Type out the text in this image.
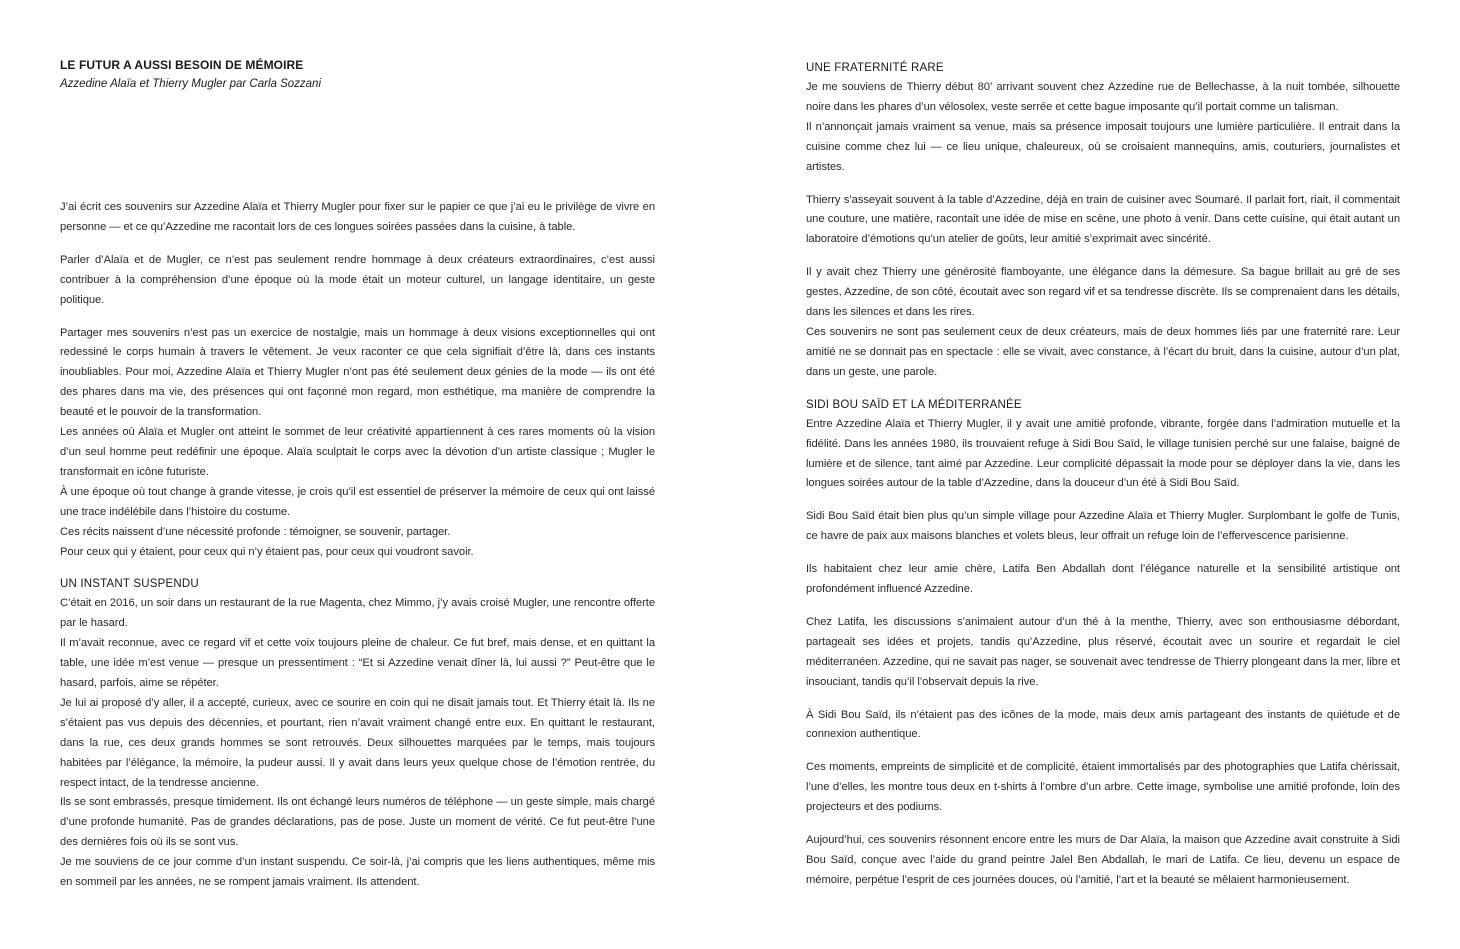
LE FUTUR A AUSSI BESOIN DE MÉMOIRE
Azzedine Alaïa et Thierry Mugler par Carla Sozzani

J’ai écrit ces souvenirs sur Azzedine Alaïa et Thierry Mugler pour fixer sur le papier ce que j’ai eu le privilège de vivre en personne — et ce qu’Azzedine me racontait lors de ces longues soirées passées dans la cuisine, à table.

Parler d’Alaïa et de Mugler, ce n’est pas seulement rendre hommage à deux créateurs extraordinaires, c’est aussi contribuer à la compréhension d’une époque où la mode était un moteur culturel, un langage identitaire, un geste politique.

Partager mes souvenirs n’est pas un exercice de nostalgie, mais un hommage à deux visions exceptionnelles qui ont redessiné le corps humain à travers le vêtement. Je veux raconter ce que cela signifiait d’être là, dans ces instants inoubliables. Pour moi, Azzedine Alaïa et Thierry Mugler n’ont pas été seulement deux génies de la mode — ils ont été des phares dans ma vie, des présences qui ont façonné mon regard, mon esthétique, ma manière de comprendre la beauté et le pouvoir de la transformation.

Les années où Alaïa et Mugler ont atteint le sommet de leur créativité appartiennent à ces rares moments où la vision d’un seul homme peut redéfinir une époque. Alaïa sculptait le corps avec la dévotion d’un artiste classique ; Mugler le transformait en icône futuriste.

À une époque où tout change à grande vitesse, je crois qu’il est essentiel de préserver la mémoire de ceux qui ont laissé une trace indélébile dans l’histoire du costume.

Ces récits naissent d’une nécessité profonde : témoigner, se souvenir, partager.

Pour ceux qui y étaient, pour ceux qui n’y étaient pas, pour ceux qui voudront savoir.

UN INSTANT SUSPENDU

C’était en 2016, un soir dans un restaurant de la rue Magenta, chez Mimmo, j’y avais croisé Mugler, une rencontre offerte par le hasard.

Il m’avait reconnue, avec ce regard vif et cette voix toujours pleine de chaleur. Ce fut bref, mais dense, et en quittant la table, une idée m’est venue — presque un pressentiment : “Et si Azzedine venait dîner là, lui aussi ?” Peut-être que le hasard, parfois, aime se répéter.

Je lui ai proposé d’y aller, il a accepté, curieux, avec ce sourire en coin qui ne disait jamais tout. Et Thierry était là. Ils ne s’étaient pas vus depuis des décennies, et pourtant, rien n’avait vraiment changé entre eux. En quittant le restaurant, dans la rue, ces deux grands hommes se sont retrouvés. Deux silhouettes marquées par le temps, mais toujours habitées par l’élégance, la mémoire, la pudeur aussi. Il y avait dans leurs yeux quelque chose de l’émotion rentrée, du respect intact, de la tendresse ancienne.

Ils se sont embrassés, presque timidement. Ils ont échangé leurs numéros de téléphone — un geste simple, mais chargé d’une profonde humanité. Pas de grandes déclarations, pas de pose. Juste un moment de vérité. Ce fut peut-être l’une des dernières fois où ils se sont vus.

Je me souviens de ce jour comme d’un instant suspendu. Ce soir-là, j’ai compris que les liens authentiques, même mis en sommeil par les années, ne se rompent jamais vraiment. Ils attendent.

UNE FRATERNITÉ RARE

Je me souviens de Thierry début 80’ arrivant souvent chez Azzedine rue de Bellechasse, à la nuit tombée, silhouette noire dans les phares d’un vélosolex, veste serrée et cette bague imposante qu’il portait comme un talisman.

Il n’annonçait jamais vraiment sa venue, mais sa présence imposait toujours une lumière particulière. Il entrait dans la cuisine comme chez lui — ce lieu unique, chaleureux, où se croisaient mannequins, amis, couturiers, journalistes et artistes.

Thierry s’asseyait souvent à la table d’Azzedine, déjà en train de cuisiner avec Soumaré. Il parlait fort, riait, il commentait une couture, une matière, racontait une idée de mise en scène, une photo à venir. Dans cette cuisine, qui était autant un laboratoire d’émotions qu’un atelier de goûts, leur amitié s’exprimait avec sincérité.

Il y avait chez Thierry une générosité flamboyante, une élégance dans la démesure. Sa bague brillait au gré de ses gestes, Azzedine, de son côté, écoutait avec son regard vif et sa tendresse discrète. Ils se comprenaient dans les détails, dans les silences et dans les rires.

Ces souvenirs ne sont pas seulement ceux de deux créateurs, mais de deux hommes liés par une fraternité rare. Leur amitié ne se donnait pas en spectacle : elle se vivait, avec constance, à l’écart du bruit, dans la cuisine, autour d’un plat, dans un geste, une parole.

SIDI BOU SAÏD ET LA MÉDITERRANÉE

Entre Azzedine Alaïa et Thierry Mugler, il y avait une amitié profonde, vibrante, forgée dans l’admiration mutuelle et la fidélité. Dans les années 1980, ils trouvaient refuge à Sidi Bou Saïd, le village tunisien perché sur une falaise, baigné de lumière et de silence, tant aimé par Azzedine. Leur complicité dépassait la mode pour se déployer dans la vie, dans les longues soirées autour de la table d’Azzedine, dans la douceur d’un été à Sidi Bou Saïd.

Sidi Bou Saïd était bien plus qu’un simple village pour Azzedine Alaïa et Thierry Mugler. Surplombant le golfe de Tunis, ce havre de paix aux maisons blanches et volets bleus, leur offrait un refuge loin de l’effervescence parisienne.

Ils habitaient chez leur amie chère, Latifa Ben Abdallah dont l’élégance naturelle et la sensibilité artistique ont profondément influencé Azzedine.

Chez Latifa, les discussions s’animaient autour d’un thé à la menthe, Thierry, avec son enthousiasme débordant, partageait ses idées et projets, tandis qu’Azzedine, plus réservé, écoutait avec un sourire et regardait le ciel méditerranéen. Azzedine, qui ne savait pas nager, se souvenait avec tendresse de Thierry plongeant dans la mer, libre et insouciant, tandis qu’il l’observait depuis la rive.

À Sidi Bou Saïd, ils n’étaient pas des icônes de la mode, mais deux amis partageant des instants de quiétude et de connexion authentique.

Ces moments, empreints de simplicité et de complicité, étaient immortalisés par des photographies que Latifa chérissait, l’une d’elles, les montre tous deux en t-shirts à l’ombre d’un arbre. Cette image, symbolise une amitié profonde, loin des projecteurs et des podiums.

Aujourd’hui, ces souvenirs résonnent encore entre les murs de Dar Alaïa, la maison que Azzedine avait construite à Sidi Bou Saïd, conçue avec l’aide du grand peintre Jalel Ben Abdallah, le mari de Latifa. Ce lieu, devenu un espace de mémoire, perpétue l’esprit de ces journées douces, où l’amitié, l’art et la beauté se mêlaient harmonieusement.
